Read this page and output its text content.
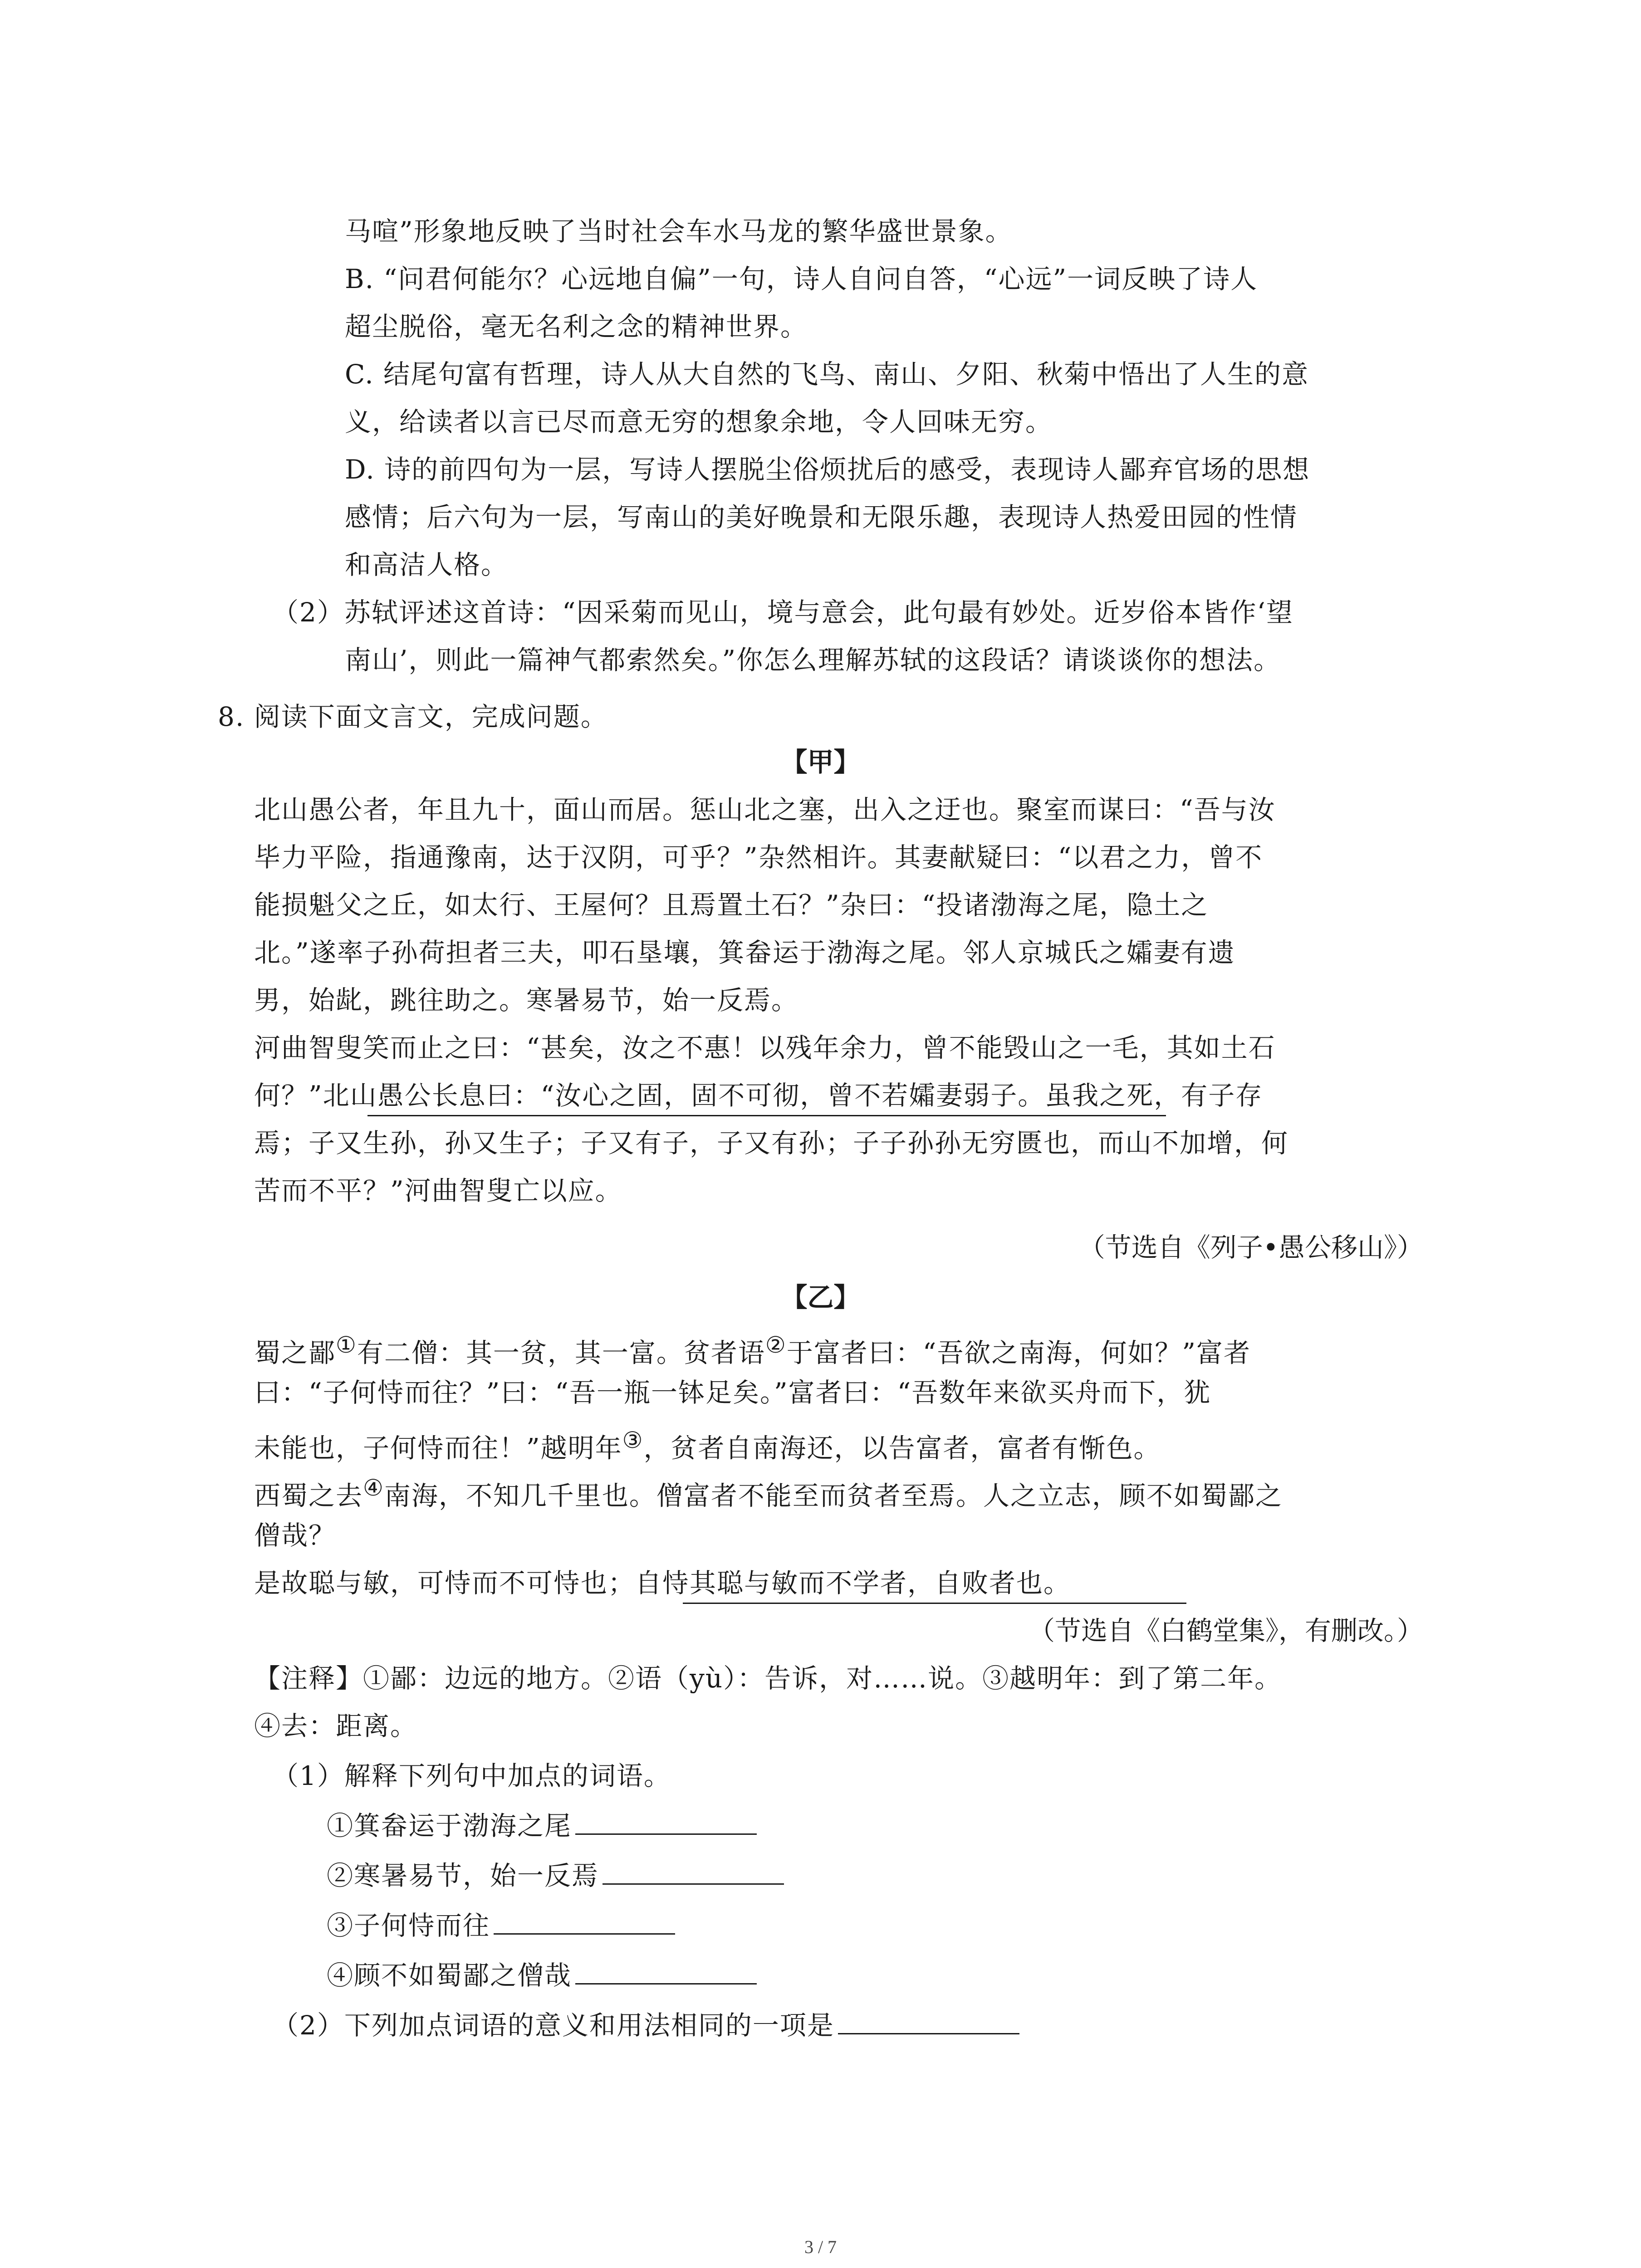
马喧”形象地反映了当时社会车水马龙的繁华盛世景象。
B. “问君何能尔？心远地自偏”一句，诗人自问自答，“心远”一词反映了诗人
超尘脱俗，毫无名利之念的精神世界。
C. 结尾句富有哲理，诗人从大自然的飞鸟、南山、夕阳、秋菊中悟出了人生的意
义，给读者以言已尽而意无穷的想象余地，令人回味无穷。
D. 诗的前四句为一层，写诗人摆脱尘俗烦扰后的感受，表现诗人鄙弃官场的思想
感情；后六句为一层，写南山的美好晚景和无限乐趣，表现诗人热爱田园的性情
和高洁人格。
（2）苏轼评述这首诗：“因采菊而见山，境与意会，此句最有妙处。近岁俗本皆作‘望
南山’，则此一篇神气都索然矣。”你怎么理解苏轼的这段话？请谈谈你的想法。
8. 阅读下面文言文，完成问题。
【甲】
北山愚公者，年且九十，面山而居。惩山北之塞，出入之迂也。聚室而谋曰：“吾与汝
毕力平险，指通豫南，达于汉阴，可乎？”杂然相许。其妻献疑曰：“以君之力，曾不
能损魁父之丘，如太行、王屋何？且焉置土石？”杂曰：“投诸渤海之尾，隐土之
北。”遂率子孙荷担者三夫，叩石垦壤，箕畚运于渤海之尾。邻人京城氏之孀妻有遗
男，始龀，跳往助之。寒暑易节，始一反焉。
河曲智叟笑而止之曰：“甚矣，汝之不惠！以残年余力，曾不能毁山之一毛，其如土石
何？”北山愚公长息曰：“汝心之固，固不可彻，曾不若孀妻弱子。虽我之死，有子存
焉；子又生孙，孙又生子；子又有子，子又有孙；子子孙孙无穷匮也，而山不加增，何
苦而不平？”河曲智叟亡以应。
（节选自《列子•愚公移山》）
【乙】
蜀之鄙①有二僧：其一贫，其一富。贫者语②于富者曰：“吾欲之南海，何如？”富者
曰：“子何恃而往？”曰：“吾一瓶一钵足矣。”富者曰：“吾数年来欲买舟而下，犹
未能也，子何恃而往！”越明年③，贫者自南海还，以告富者，富者有惭色。
西蜀之去④南海，不知几千里也。僧富者不能至而贫者至焉。人之立志，顾不如蜀鄙之
僧哉？
是故聪与敏，可恃而不可恃也；自恃其聪与敏而不学者，自败者也。
（节选自《白鹤堂集》，有删改。）
【注释】①鄙：边远的地方。②语（yù）：告诉，对……说。③越明年：到了第二年。
④去：距离。
（1）解释下列句中加点的词语。
①箕畚运于渤海之尾
②寒暑易节，始一反焉
③子何恃而往
④顾不如蜀鄙之僧哉
（2）下列加点词语的意义和用法相同的一项是
3 / 7
